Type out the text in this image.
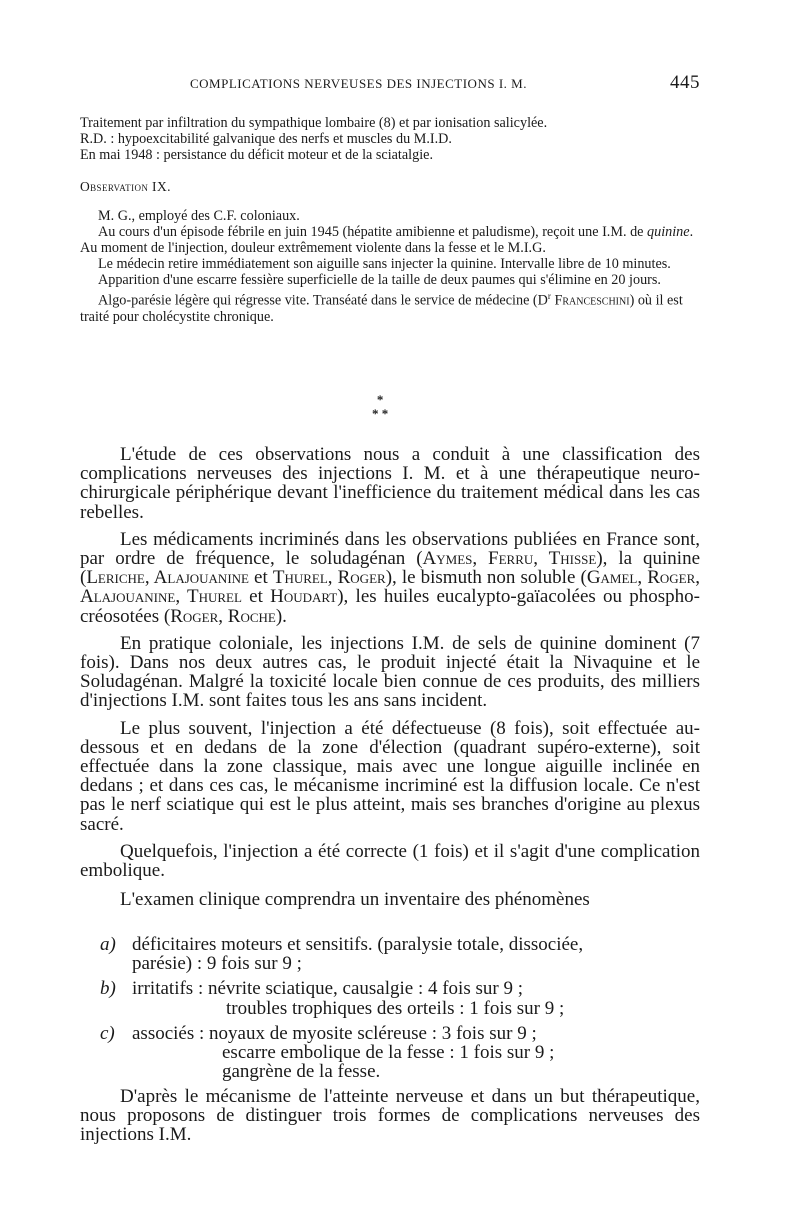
COMPLICATIONS NERVEUSES DES INJECTIONS I. M.	445

Traitement par infiltration du sympathique lombaire (8) et par ionisation salicylée.

R.D. : hypoexcitabilité galvanique des nerfs et muscles du M.I.D.

En mai 1948 : persistance du déficit moteur et de la sciatalgie.

Observation IX.

M. G., employé des C.F. coloniaux.

Au cours d'un épisode fébrile en juin 1945 (hépatite amibienne et paludisme), reçoit une I.M. de quinine. Au moment de l'injection, douleur extrêmement violente dans la fesse et le M.I.G.

Le médecin retire immédiatement son aiguille sans injecter la quinine. Intervalle libre de 10 minutes.

Apparition d'une escarre fessière superficielle de la taille de deux paumes qui s'élimine en 20 jours.

Algo-parésie légère qui régresse vite. Transéaté dans le service de médecine ($D^r$ Franceschini) où il est traité pour cholécystite chronique.

*
* *

L'étude de ces observations nous a conduit à une classification des complications nerveuses des injections I. M. et à une thérapeutique neuro-chirurgicale périphérique devant l'inefficience du traitement médical dans les cas rebelles.

Les médicaments incriminés dans les observations publiées en France sont, par ordre de fréquence, le soludagénan (Aymes, Ferru, Thisse), la quinine (Leriche, Alajouanine et Thurel, Roger), le bismuth non soluble (Gamel, Roger, Alajouanine, Thurel et Houdart), les huiles eucalypto-gaïacolées ou phospho-créosotées (Roger, Roche).

En pratique coloniale, les injections I.M. de sels de quinine dominent (7 fois). Dans nos deux autres cas, le produit injecté était la Nivaquine et le Soludagénan. Malgré la toxicité locale bien connue de ces produits, des milliers d'injections I.M. sont faites tous les ans sans incident.

Le plus souvent, l'injection a été défectueuse (8 fois), soit effectuée au-dessous et en dedans de la zone d'élection (quadrant supéro-externe), soit effectuée dans la zone classique, mais avec une longue aiguille inclinée en dedans ; et dans ces cas, le mécanisme incriminé est la diffusion locale. Ce n'est pas le nerf sciatique qui est le plus atteint, mais ses branches d'origine au plexus sacré.

Quelquefois, l'injection a été correcte (1 fois) et il s'agit d'une complication embolique.

L'examen clinique comprendra un inventaire des phénomènes

a) déficitaires moteurs et sensitifs. (paralysie totale, dissociée,
parésie) : 9 fois sur 9 ;
b) irritatifs : névrite sciatique, causalgie : 4 fois sur 9 ;
troubles trophiques des orteils : 1 fois sur 9 ;
c) associés : noyaux de myosite scléreuse : 3 fois sur 9 ;
escarre embolique de la fesse : 1 fois sur 9 ;
gangrène de la fesse.

D'après le mécanisme de l'atteinte nerveuse et dans un but thérapeutique, nous proposons de distinguer trois formes de complications nerveuses des injections I.M.
